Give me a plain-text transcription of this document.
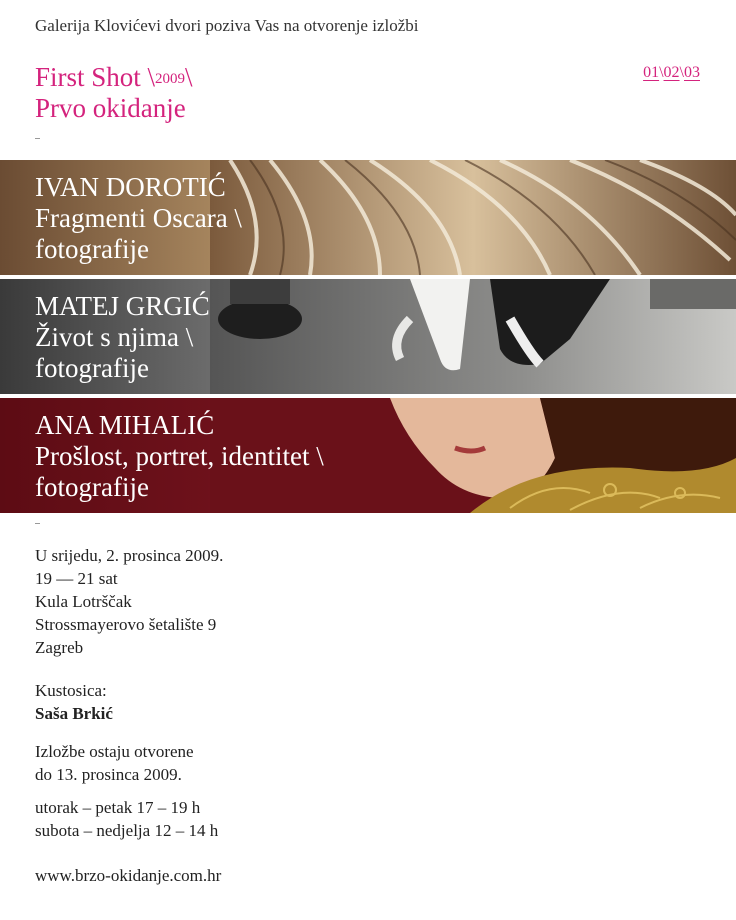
Galerija Klovićevi dvori poziva Vas na otvorenje izložbi
First Shot \$^{2009}$\
Prvo okidanje
01\02\03
IVAN DOROTIĆ
Fragmenti Oscara \
fotografije
MATEJ GRGIĆ
Život s njima \
fotografije
ANA MIHALIĆ
Prošlost, portret, identitet \
fotografije
U srijedu, 2. prosinca 2009.
19 — 21 sat
Kula Lotrščak
Strossmayerovo šetalište 9
Zagreb
Kustosica:
Saša Brkić
Izložbe ostaju otvorene
do 13. prosinca 2009.
utorak – petak 17 – 19 h
subota – nedjelja 12 – 14 h
www.brzo-okidanje.com.hr
